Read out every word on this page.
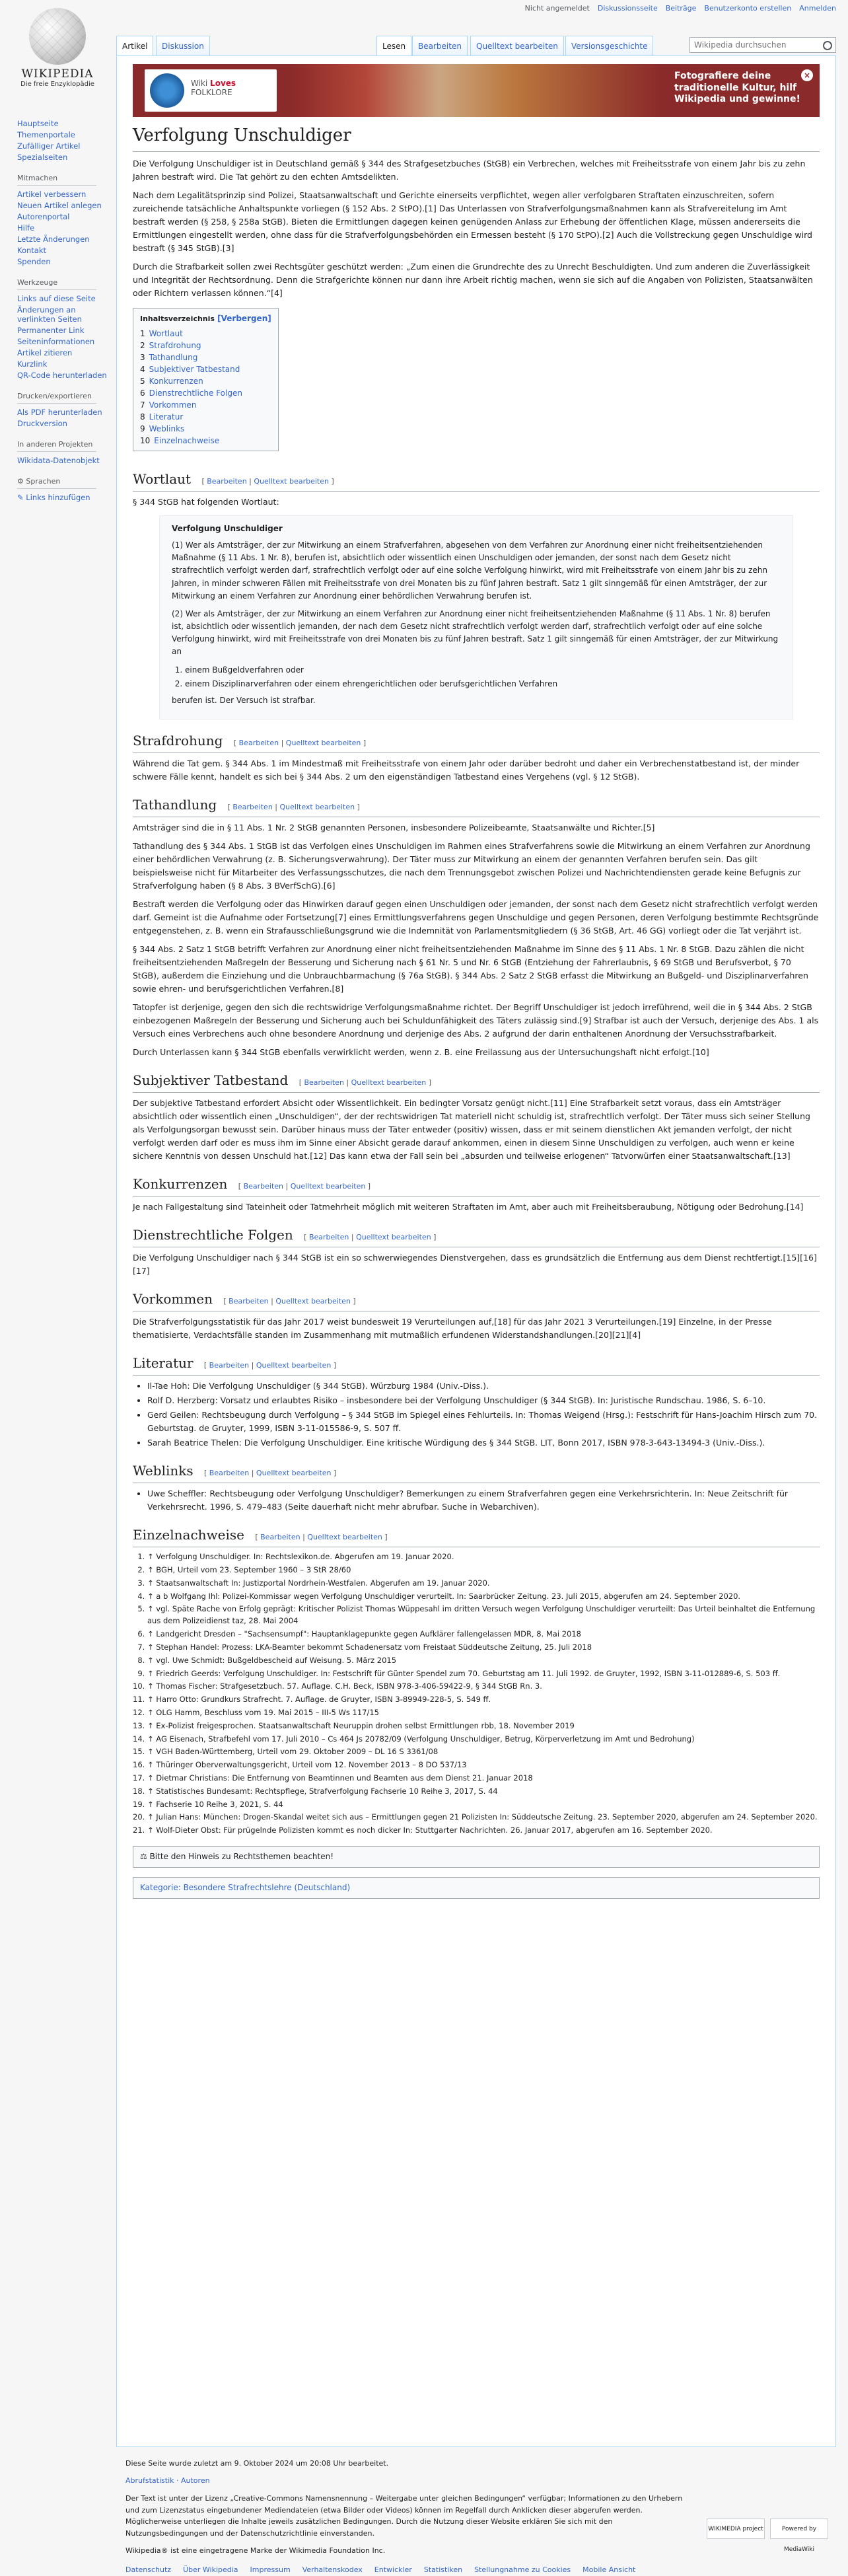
Nicht angemeldet Diskussionsseite Beiträge Benutzerkonto erstellen Anmelden
WIKIPEDIA
Die freie Enzyklopädie
Hauptseite
Themenportale
Zufälliger Artikel
Spezialseiten
Mitmachen
Artikel verbessern
Neuen Artikel anlegen
Autorenportal
Hilfe
Letzte Änderungen
Kontakt
Spenden
Werkzeuge
Links auf diese Seite
Änderungen an verlinkten Seiten
Permanenter Link
Seiteninformationen
Artikel zitieren
Kurzlink
QR-Code herunterladen
Drucken/exportieren
Als PDF herunterladen
Druckversion
In anderen Projekten
Wikidata-Datenobjekt
⚙ Sprachen
✎ Links hinzufügen
Artikel	Diskussion	Lesen	Bearbeiten	Quelltext bearbeiten	Versionsgeschichte
Wikipedia durchsuchen
Wiki Loves
FOLKLORE
Fotografiere deine traditionelle Kultur, hilf Wikipedia und gewinne!
×
Verfolgung Unschuldiger

Die Verfolgung Unschuldiger ist in Deutschland gemäß § 344 des Strafgesetzbuches (StGB) ein Verbrechen, welches mit Freiheitsstrafe von einem Jahr bis zu zehn Jahren bestraft wird. Die Tat gehört zu den echten Amtsdelikten.

Nach dem Legalitätsprinzip sind Polizei, Staatsanwaltschaft und Gerichte einerseits verpflichtet, wegen aller verfolgbaren Straftaten einzuschreiten, sofern zureichende tatsächliche Anhaltspunkte vorliegen (§ 152 Abs. 2 StPO).[1] Das Unterlassen von Strafverfolgungsmaßnahmen kann als Strafvereitelung im Amt bestraft werden (§ 258, § 258a StGB). Bieten die Ermittlungen dagegen keinen genügenden Anlass zur Erhebung der öffentlichen Klage, müssen andererseits die Ermittlungen eingestellt werden, ohne dass für die Strafverfolgungsbehörden ein Ermessen besteht (§ 170 StPO).[2] Auch die Vollstreckung gegen Unschuldige wird bestraft (§ 345 StGB).[3]

Durch die Strafbarkeit sollen zwei Rechtsgüter geschützt werden: „Zum einen die Grundrechte des zu Unrecht Beschuldigten. Und zum anderen die Zuverlässigkeit und Integrität der Rechtsordnung. Denn die Strafgerichte können nur dann ihre Arbeit richtig machen, wenn sie sich auf die Angaben von Polizisten, Staatsanwälten oder Richtern verlassen können.“[4]

Inhaltsverzeichnis [Verbergen]
1 Wortlaut
2 Strafdrohung
3 Tathandlung
4 Subjektiver Tatbestand
5 Konkurrenzen
6 Dienstrechtliche Folgen
7 Vorkommen
8 Literatur
9 Weblinks
10 Einzelnachweise
Wortlaut [ Bearbeiten | Quelltext bearbeiten ]

§ 344 StGB hat folgenden Wortlaut:

Verfolgung Unschuldiger

(1) Wer als Amtsträger, der zur Mitwirkung an einem Strafverfahren, abgesehen von dem Verfahren zur Anordnung einer nicht freiheitsentziehenden Maßnahme (§ 11 Abs. 1 Nr. 8), berufen ist, absichtlich oder wissentlich einen Unschuldigen oder jemanden, der sonst nach dem Gesetz nicht strafrechtlich verfolgt werden darf, strafrechtlich verfolgt oder auf eine solche Verfolgung hinwirkt, wird mit Freiheitsstrafe von einem Jahr bis zu zehn Jahren, in minder schweren Fällen mit Freiheitsstrafe von drei Monaten bis zu fünf Jahren bestraft. Satz 1 gilt sinngemäß für einen Amtsträger, der zur Mitwirkung an einem Verfahren zur Anordnung einer behördlichen Verwahrung berufen ist.

(2) Wer als Amtsträger, der zur Mitwirkung an einem Verfahren zur Anordnung einer nicht freiheitsentziehenden Maßnahme (§ 11 Abs. 1 Nr. 8) berufen ist, absichtlich oder wissentlich jemanden, der nach dem Gesetz nicht strafrechtlich verfolgt werden darf, strafrechtlich verfolgt oder auf eine solche Verfolgung hinwirkt, wird mit Freiheitsstrafe von drei Monaten bis zu fünf Jahren bestraft. Satz 1 gilt sinngemäß für einen Amtsträger, der zur Mitwirkung an

1. einem Bußgeldverfahren oder
2. einem Disziplinarverfahren oder einem ehrengerichtlichen oder berufsgerichtlichen Verfahren

berufen ist. Der Versuch ist strafbar.

Strafdrohung [ Bearbeiten | Quelltext bearbeiten ]

Während die Tat gem. § 344 Abs. 1 im Mindestmaß mit Freiheitsstrafe von einem Jahr oder darüber bedroht und daher ein Verbrechenstatbestand ist, der minder schwere Fälle kennt, handelt es sich bei § 344 Abs. 2 um den eigenständigen Tatbestand eines Vergehens (vgl. § 12 StGB).

Tathandlung [ Bearbeiten | Quelltext bearbeiten ]

Amtsträger sind die in § 11 Abs. 1 Nr. 2 StGB genannten Personen, insbesondere Polizeibeamte, Staatsanwälte und Richter.[5]

Tathandlung des § 344 Abs. 1 StGB ist das Verfolgen eines Unschuldigen im Rahmen eines Strafverfahrens sowie die Mitwirkung an einem Verfahren zur Anordnung einer behördlichen Verwahrung (z. B. Sicherungsverwahrung). Der Täter muss zur Mitwirkung an einem der genannten Verfahren berufen sein. Das gilt beispielsweise nicht für Mitarbeiter des Verfassungsschutzes, die nach dem Trennungsgebot zwischen Polizei und Nachrichtendiensten gerade keine Befugnis zur Strafverfolgung haben (§ 8 Abs. 3 BVerfSchG).[6]

Bestraft werden die Verfolgung oder das Hinwirken darauf gegen einen Unschuldigen oder jemanden, der sonst nach dem Gesetz nicht strafrechtlich verfolgt werden darf. Gemeint ist die Aufnahme oder Fortsetzung[7] eines Ermittlungsverfahrens gegen Unschuldige und gegen Personen, deren Verfolgung bestimmte Rechtsgründe entgegenstehen, z. B. wenn ein Strafausschließungsgrund wie die Indemnität von Parlamentsmitgliedern (§ 36 StGB, Art. 46 GG) vorliegt oder die Tat verjährt ist.

§ 344 Abs. 2 Satz 1 StGB betrifft Verfahren zur Anordnung einer nicht freiheitsentziehenden Maßnahme im Sinne des § 11 Abs. 1 Nr. 8 StGB. Dazu zählen die nicht freiheitsentziehenden Maßregeln der Besserung und Sicherung nach § 61 Nr. 5 und Nr. 6 StGB (Entziehung der Fahrerlaubnis, § 69 StGB und Berufsverbot, § 70 StGB), außerdem die Einziehung und die Unbrauchbarmachung (§ 76a StGB). § 344 Abs. 2 Satz 2 StGB erfasst die Mitwirkung an Bußgeld- und Disziplinarverfahren sowie ehren- und berufsgerichtlichen Verfahren.[8]

Tatopfer ist derjenige, gegen den sich die rechtswidrige Verfolgungsmaßnahme richtet. Der Begriff Unschuldiger ist jedoch irreführend, weil die in § 344 Abs. 2 StGB einbezogenen Maßregeln der Besserung und Sicherung auch bei Schuldunfähigkeit des Täters zulässig sind.[9] Strafbar ist auch der Versuch, derjenige des Abs. 1 als Versuch eines Verbrechens auch ohne besondere Anordnung und derjenige des Abs. 2 aufgrund der darin enthaltenen Anordnung der Versuchsstrafbarkeit.

Durch Unterlassen kann § 344 StGB ebenfalls verwirklicht werden, wenn z. B. eine Freilassung aus der Untersuchungshaft nicht erfolgt.[10]

Subjektiver Tatbestand [ Bearbeiten | Quelltext bearbeiten ]

Der subjektive Tatbestand erfordert Absicht oder Wissentlichkeit. Ein bedingter Vorsatz genügt nicht.[11] Eine Strafbarkeit setzt voraus, dass ein Amtsträger absichtlich oder wissentlich einen „Unschuldigen“, der der rechtswidrigen Tat materiell nicht schuldig ist, strafrechtlich verfolgt. Der Täter muss sich seiner Stellung als Verfolgungsorgan bewusst sein. Darüber hinaus muss der Täter entweder (positiv) wissen, dass er mit seinem dienstlichen Akt jemanden verfolgt, der nicht verfolgt werden darf oder es muss ihm im Sinne einer Absicht gerade darauf ankommen, einen in diesem Sinne Unschuldigen zu verfolgen, auch wenn er keine sichere Kenntnis von dessen Unschuld hat.[12] Das kann etwa der Fall sein bei „absurden und teilweise erlogenen“ Tatvorwürfen einer Staatsanwaltschaft.[13]

Konkurrenzen [ Bearbeiten | Quelltext bearbeiten ]

Je nach Fallgestaltung sind Tateinheit oder Tatmehrheit möglich mit weiteren Straftaten im Amt, aber auch mit Freiheitsberaubung, Nötigung oder Bedrohung.[14]

Dienstrechtliche Folgen [ Bearbeiten | Quelltext bearbeiten ]

Die Verfolgung Unschuldiger nach § 344 StGB ist ein so schwerwiegendes Dienstvergehen, dass es grundsätzlich die Entfernung aus dem Dienst rechtfertigt.[15][16][17]

Vorkommen [ Bearbeiten | Quelltext bearbeiten ]

Die Strafverfolgungsstatistik für das Jahr 2017 weist bundesweit 19 Verurteilungen auf,[18] für das Jahr 2021 3 Verurteilungen.[19] Einzelne, in der Presse thematisierte, Verdachtsfälle standen im Zusammenhang mit mutmaßlich erfundenen Widerstandshandlungen.[20][21][4]

Literatur [ Bearbeiten | Quelltext bearbeiten ]
• Il-Tae Hoh: Die Verfolgung Unschuldiger (§ 344 StGB). Würzburg 1984 (Univ.-Diss.).
• Rolf D. Herzberg: Vorsatz und erlaubtes Risiko – insbesondere bei der Verfolgung Unschuldiger (§ 344 StGB). In: Juristische Rundschau. 1986, S. 6–10.
• Gerd Geilen: Rechtsbeugung durch Verfolgung – § 344 StGB im Spiegel eines Fehlurteils. In: Thomas Weigend (Hrsg.): Festschrift für Hans-Joachim Hirsch zum 70. Geburtstag. de Gruyter, 1999, ISBN 3-11-015586-9, S. 507 ff.
• Sarah Beatrice Thelen: Die Verfolgung Unschuldiger. Eine kritische Würdigung des § 344 StGB. LIT, Bonn 2017, ISBN 978-3-643-13494-3 (Univ.-Diss.).
Weblinks [ Bearbeiten | Quelltext bearbeiten ]
• Uwe Scheffler: Rechtsbeugung oder Verfolgung Unschuldiger? Bemerkungen zu einem Strafverfahren gegen eine Verkehrsrichterin. In: Neue Zeitschrift für Verkehrsrecht. 1996, S. 479–483 (Seite dauerhaft nicht mehr abrufbar. Suche in Webarchiven).
Einzelnachweise [ Bearbeiten | Quelltext bearbeiten ]
1. ↑ Verfolgung Unschuldiger. In: Rechtslexikon.de. Abgerufen am 19. Januar 2020.
2. ↑ BGH, Urteil vom 23. September 1960 – 3 StR 28/60
3. ↑ Staatsanwaltschaft In: Justizportal Nordrhein-Westfalen. Abgerufen am 19. Januar 2020.
4. ↑ a b Wolfgang Ihl: Polizei-Kommissar wegen Verfolgung Unschuldiger verurteilt. In: Saarbrücker Zeitung. 23. Juli 2015, abgerufen am 24. September 2020.
5. ↑ vgl. Späte Rache von Erfolg geprägt: Kritischer Polizist Thomas Wüppesahl im dritten Versuch wegen Verfolgung Unschuldiger verurteilt: Das Urteil beinhaltet die Entfernung aus dem Polizeidienst taz, 28. Mai 2004
6. ↑ Landgericht Dresden – "Sachsensumpf": Hauptanklagepunkte gegen Aufklärer fallengelassen MDR, 8. Mai 2018
7. ↑ Stephan Handel: Prozess: LKA-Beamter bekommt Schadenersatz vom Freistaat Süddeutsche Zeitung, 25. Juli 2018
8. ↑ vgl. Uwe Schmidt: Bußgeldbescheid auf Weisung. 5. März 2015
9. ↑ Friedrich Geerds: Verfolgung Unschuldiger. In: Festschrift für Günter Spendel zum 70. Geburtstag am 11. Juli 1992. de Gruyter, 1992, ISBN 3-11-012889-6, S. 503 ff.
10. ↑ Thomas Fischer: Strafgesetzbuch. 57. Auflage. C.H. Beck, ISBN 978-3-406-59422-9, § 344 StGB Rn. 3.
11. ↑ Harro Otto: Grundkurs Strafrecht. 7. Auflage. de Gruyter, ISBN 3-89949-228-5, S. 549 ff.
12. ↑ OLG Hamm, Beschluss vom 19. Mai 2015 – III-5 Ws 117/15
13. ↑ Ex-Polizist freigesprochen. Staatsanwaltschaft Neuruppin drohen selbst Ermittlungen rbb, 18. November 2019
14. ↑ AG Eisenach, Strafbefehl vom 17. Juli 2010 – Cs 464 Js 20782/09 (Verfolgung Unschuldiger, Betrug, Körperverletzung im Amt und Bedrohung)
15. ↑ VGH Baden-Württemberg, Urteil vom 29. Oktober 2009 – DL 16 S 3361/08
16. ↑ Thüringer Oberverwaltungsgericht, Urteil vom 12. November 2013 – 8 DO 537/13
17. ↑ Dietmar Christians: Die Entfernung von Beamtinnen und Beamten aus dem Dienst 21. Januar 2018
18. ↑ Statistisches Bundesamt: Rechtspflege, Strafverfolgung Fachserie 10 Reihe 3, 2017, S. 44
19. ↑ Fachserie 10 Reihe 3, 2021, S. 44
20. ↑ Julian Hans: München: Drogen-Skandal weitet sich aus – Ermittlungen gegen 21 Polizisten In: Süddeutsche Zeitung. 23. September 2020, abgerufen am 24. September 2020.
21. ↑ Wolf-Dieter Obst: Für prügelnde Polizisten kommt es noch dicker In: Stuttgarter Nachrichten. 26. Januar 2017, abgerufen am 16. September 2020.
⚖ Bitte den Hinweis zu Rechtsthemen beachten!
Kategorie: Besondere Strafrechtslehre (Deutschland)
Diese Seite wurde zuletzt am 9. Oktober 2024 um 20:08 Uhr bearbeitet.
Abrufstatistik · Autoren

Der Text ist unter der Lizenz „Creative-Commons Namensnennung – Weitergabe unter gleichen Bedingungen“ verfügbar; Informationen zu den Urhebern und zum Lizenzstatus eingebundener Mediendateien (etwa Bilder oder Videos) können im Regelfall durch Anklicken dieser abgerufen werden. Möglicherweise unterliegen die Inhalte jeweils zusätzlichen Bedingungen. Durch die Nutzung dieser Website erklären Sie sich mit den Nutzungsbedingungen und der Datenschutzrichtlinie einverstanden.

Wikipedia® ist eine eingetragene Marke der Wikimedia Foundation Inc.
Datenschutz Über Wikipedia Impressum Verhaltenskodex Entwickler Statistiken Stellungnahme zu Cookies Mobile Ansicht
WIKIMEDIA project	Powered by MediaWiki
